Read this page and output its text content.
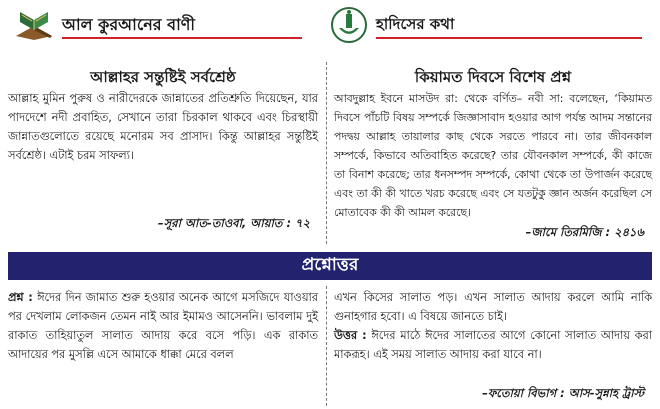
আল কুরআনের বাণী	হাদিসের কথা
আল্লাহর সন্তুষ্টিই সর্বশ্রেষ্ঠ
আল্লাহ মুমিন পুরুষ ও নারীদেরকে জান্নাতের প্রতিশ্রুতি দিয়েছেন, যার পাদদেশে নদী প্রবাহিত, সেখানে তারা চিরকাল থাকবে এবং চিরস্থায়ী জান্নাতগুলোতে রয়েছে মনোরম সব প্রাসাদ। কিন্তু আল্লাহর সন্তুষ্টিই সর্বশ্রেষ্ঠ। এটাই চরম সাফল্য।
–সূরা আত-তাওবা, আয়াত : ৭২
কিয়ামত দিবসে বিশেষ প্রশ্ন
আবদুল্লাহ ইবনে মাসউদ রা: থেকে বর্ণিত– নবী সা: বলেছেন, ‘কিয়ামত দিবসে পাঁচটি বিষয় সম্পর্কে জিজ্ঞাসাবাদ হওয়ার আগ পর্যন্ত আদম সন্তানের পদদ্বয় আল্লাহ তায়ালার কাছ থেকে সরতে পারবে না। তার জীবনকাল সম্পর্কে, কিভাবে অতিবাহিত করেছে? তার যৌবনকাল সম্পর্কে, কী কাজে তা বিনাশ করেছে; তার ধনসম্পদ সম্পর্কে, কোথা থেকে তা উপার্জন করেছে এবং তা কী কী খাতে খরচ করেছে এবং সে যতটুকু জ্ঞান অর্জন করেছিল সে মোতাবেক কী কী আমল করেছে।
–জামে তিরমিজি : ২৪১৬
প্রশ্নোত্তর
প্রশ্ন : ঈদের দিন জামাত শুরু হওয়ার অনেক আগে মসজিদে যাওয়ার পর দেখলাম লোকজন তেমন নাই আর ইমামও আসেননি। ভাবলাম দুই রাকাত তাহিয়াতুল সালাত আদায় করে বসে পড়ি। এক রাকাত আদায়ের পর মুসল্লি এসে আমাকে ধাক্কা মেরে বলল
এখন কিসের সালাত পড়। এখন সালাত আদায় করলে আমি নাকি গুনাহগার হবো। এ বিষয়ে জানতে চাই।
উত্তর : ঈদের মাঠে ঈদের সালাতের আগে কোনো সালাত আদায় করা মাকরূহ। এই সময় সালাত আদায় করা যাবে না।
–ফতোয়া বিভাগ : আস-সুন্নাহ ট্রাস্ট
